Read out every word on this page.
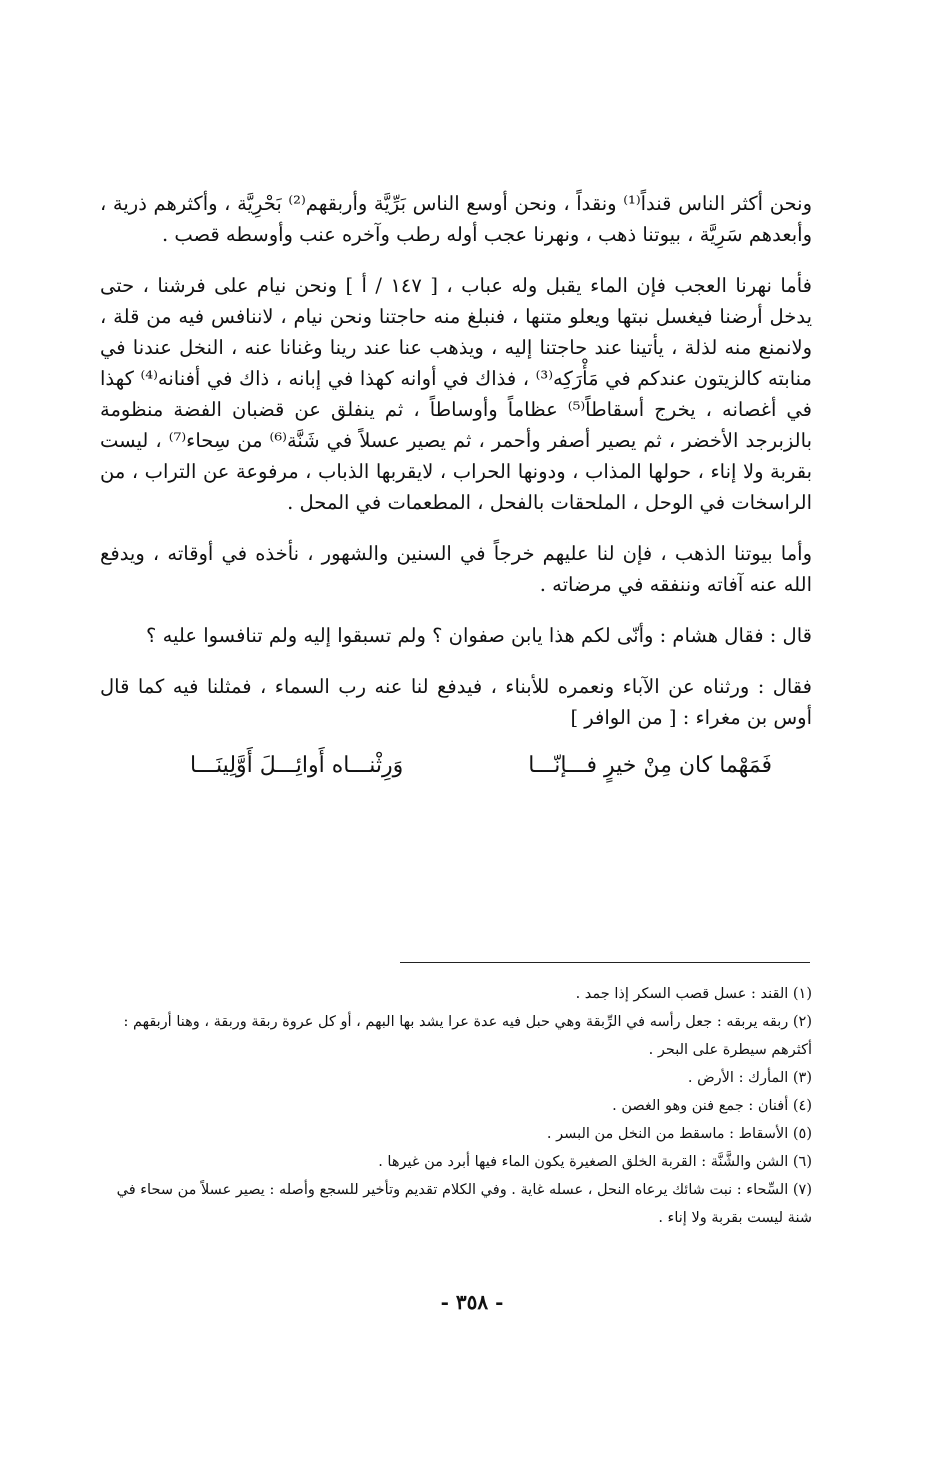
ونحن أكثر الناس قنداً⁽¹⁾ ونقداً ، ونحن أوسع الناس بَرِّيَّة وأربقهم⁽²⁾ بَحْرِيَّة ، وأكثرهم ذرية ، وأبعدهم سَرِيَّة ، بيوتنا ذهب ، ونهرنا عجب أوله رطب وآخره عنب وأوسطه قصب .

فأما نهرنا العجب فإن الماء يقبل وله عباب ، [ ١٤٧ / أ ] ونحن نيام على فرشنا ، حتى يدخل أرضنا فيغسل نبتها ويعلو متنها ، فنبلغ منه حاجتنا ونحن نيام ، لاننافس فيه من قلة ، ولانمنع منه لذلة ، يأتينا عند حاجتنا إليه ، ويذهب عنا عند رينا وغنانا عنه ، النخل عندنا في منابته كالزيتون عندكم في مَأْرَكِه⁽³⁾ ، فذاك في أوانه كهذا في إبانه ، ذاك في أفنانه⁽⁴⁾ كهذا في أغصانه ، يخرج أسقاطاً⁽⁵⁾ عظاماً وأوساطاً ، ثم ينفلق عن قضبان الفضة منظومة بالزبرجد الأخضر ، ثم يصير أصفر وأحمر ، ثم يصير عسلاً في شَنَّة⁽⁶⁾ من سِحاء⁽⁷⁾ ، ليست بقربة ولا إناء ، حولها المذاب ، ودونها الحراب ، لايقربها الذباب ، مرفوعة عن التراب ، من الراسخات في الوحل ، الملحقات بالفحل ، المطعمات في المحل .

وأما بيوتنا الذهب ، فإن لنا عليهم خرجاً في السنين والشهور ، نأخذه في أوقاته ، ويدفع الله عنه آفاته وننفقه في مرضاته .

قال : فقال هشام : وأنّى لكم هذا يابن صفوان ؟ ولم تسبقوا إليه ولم تنافسوا عليه ؟

فقال : ورثناه عن الآباء ونعمره للأبناء ، فيدفع لنا عنه رب السماء ، فمثلنا فيه كما قال أوس بن مغراء : [ من الوافر ]

فَمَهْما كان مِنْ خيرٍ فـــإنّـــا
وَرِثْنـــاه أَوائِـــلَ أَوَّلِينَـــا

(١) القند : عسل قصب السكر إذا جمد .

(٢) ربقه يربقه : جعل رأسه في الرِّبقة وهي حبل فيه عدة عرا يشد بها البهم ، أو كل عروة ربقة وربقة ، وهنا أربقهم : أكثرهم سيطرة على البحر .

(٣) المأرك : الأرض .

(٤) أفنان : جمع فنن وهو الغصن .

(٥) الأسقاط : ماسقط من النخل من البسر .

(٦) الشن والشَّنَّة : القربة الخلق الصغيرة يكون الماء فيها أبرد من غيرها .

(٧) السِّحاء : نبت شائك يرعاه النحل ، عسله غاية . وفي الكلام تقديم وتأخير للسجع وأصله : يصير عسلاً من سحاء في شنة ليست بقربة ولا إناء .

- ٣٥٨ -
